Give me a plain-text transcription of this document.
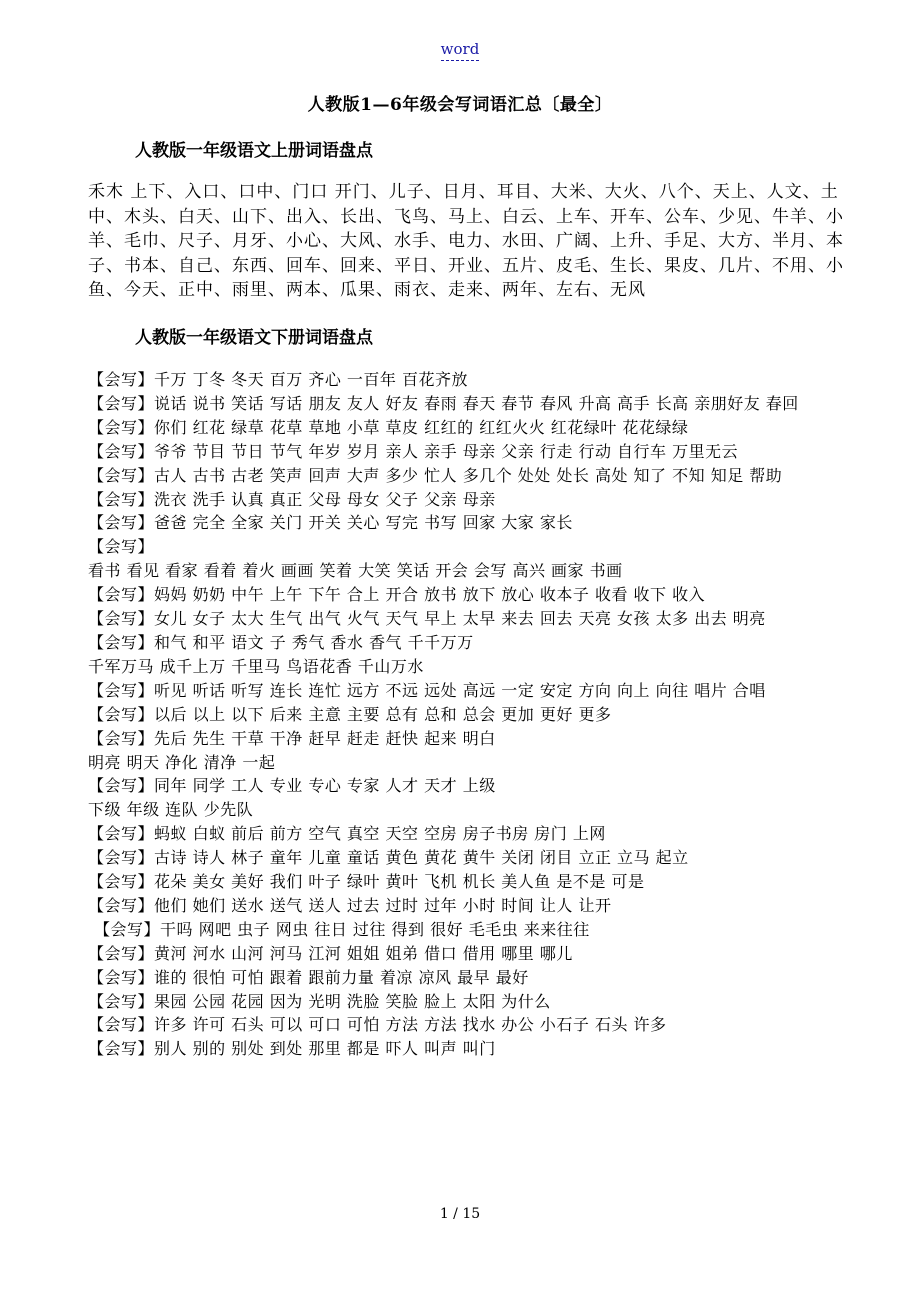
word
人教版1—6年级会写词语汇总〔最全〕
人教版一年级语文上册词语盘点
禾木 上下、入口、口中、门口 开门、儿子、日月、耳目、大米、大火、八个、天上、人文、土中、木头、白天、山下、出入、长出、飞鸟、马上、白云、上车、开车、公车、少见、牛羊、小羊、毛巾、尺子、月牙、小心、大风、水手、电力、水田、广阔、上升、手足、大方、半月、本子、书本、自己、东西、回车、回来、平日、开业、五片、皮毛、生长、果皮、几片、不用、小鱼、今天、正中、雨里、两本、瓜果、雨衣、走来、两年、左右、无风
人教版一年级语文下册词语盘点
【会写】千万 丁冬 冬天 百万 齐心 一百年 百花齐放
【会写】说话 说书 笑话 写话 朋友 友人 好友 春雨 春天 春节 春风 升高 高手 长高 亲朋好友 春回
【会写】你们 红花 绿草 花草 草地 小草 草皮 红红的 红红火火 红花绿叶 花花绿绿
【会写】爷爷 节目 节日 节气 年岁 岁月 亲人 亲手 母亲 父亲 行走 行动 自行车 万里无云
【会写】古人 古书 古老 笑声 回声 大声 多少 忙人 多几个 处处 处长 高处 知了 不知 知足 帮助
【会写】洗衣 洗手 认真 真正 父母 母女 父子 父亲 母亲
【会写】爸爸 完全 全家 关门 开关 关心 写完 书写 回家 大家 家长
【会写】
看书 看见 看家 看着 着火 画画 笑着 大笑 笑话 开会 会写 高兴 画家 书画
【会写】妈妈 奶奶 中午 上午 下午 合上 开合 放书 放下 放心 收本子 收看 收下 收入
【会写】女儿 女子 太大 生气 出气 火气 天气 早上 太早 来去 回去 天亮 女孩 太多 出去 明亮
【会写】和气 和平 语文 子 秀气 香水 香气 千千万万
千军万马 成千上万 千里马 鸟语花香 千山万水
【会写】听见 听话 听写 连长 连忙 远方 不远 远处 高远 一定 安定 方向 向上 向往 唱片 合唱
【会写】以后 以上 以下 后来 主意 主要 总有 总和 总会 更加 更好 更多
【会写】先后 先生 干草 干净 赶早 赶走 赶快 起来 明白
明亮 明天 净化 清净 一起
【会写】同年 同学 工人 专业 专心 专家 人才 天才 上级
下级 年级 连队 少先队
【会写】蚂蚁 白蚁 前后 前方 空气 真空 天空 空房 房子书房 房门 上网
【会写】古诗 诗人 林子 童年 儿童 童话 黄色 黄花 黄牛 关闭 闭目 立正 立马 起立
【会写】花朵 美女 美好 我们 叶子 绿叶 黄叶 飞机 机长 美人鱼 是不是 可是
【会写】他们 她们 送水 送气 送人 过去 过时 过年 小时 时间 让人 让开
【会写】干吗 网吧 虫子 网虫 往日 过往 得到 很好 毛毛虫 来来往往
【会写】黄河 河水 山河 河马 江河 姐姐 姐弟 借口 借用 哪里 哪儿
【会写】谁的 很怕 可怕 跟着 跟前力量 着凉 凉风 最早 最好
【会写】果园 公园 花园 因为 光明 洗脸 笑脸 脸上 太阳 为什么
【会写】许多 许可 石头 可以 可口 可怕 方法 方法 找水 办公 小石子 石头 许多
【会写】别人 别的 别处 到处 那里 都是 吓人 叫声 叫门
1 / 15
